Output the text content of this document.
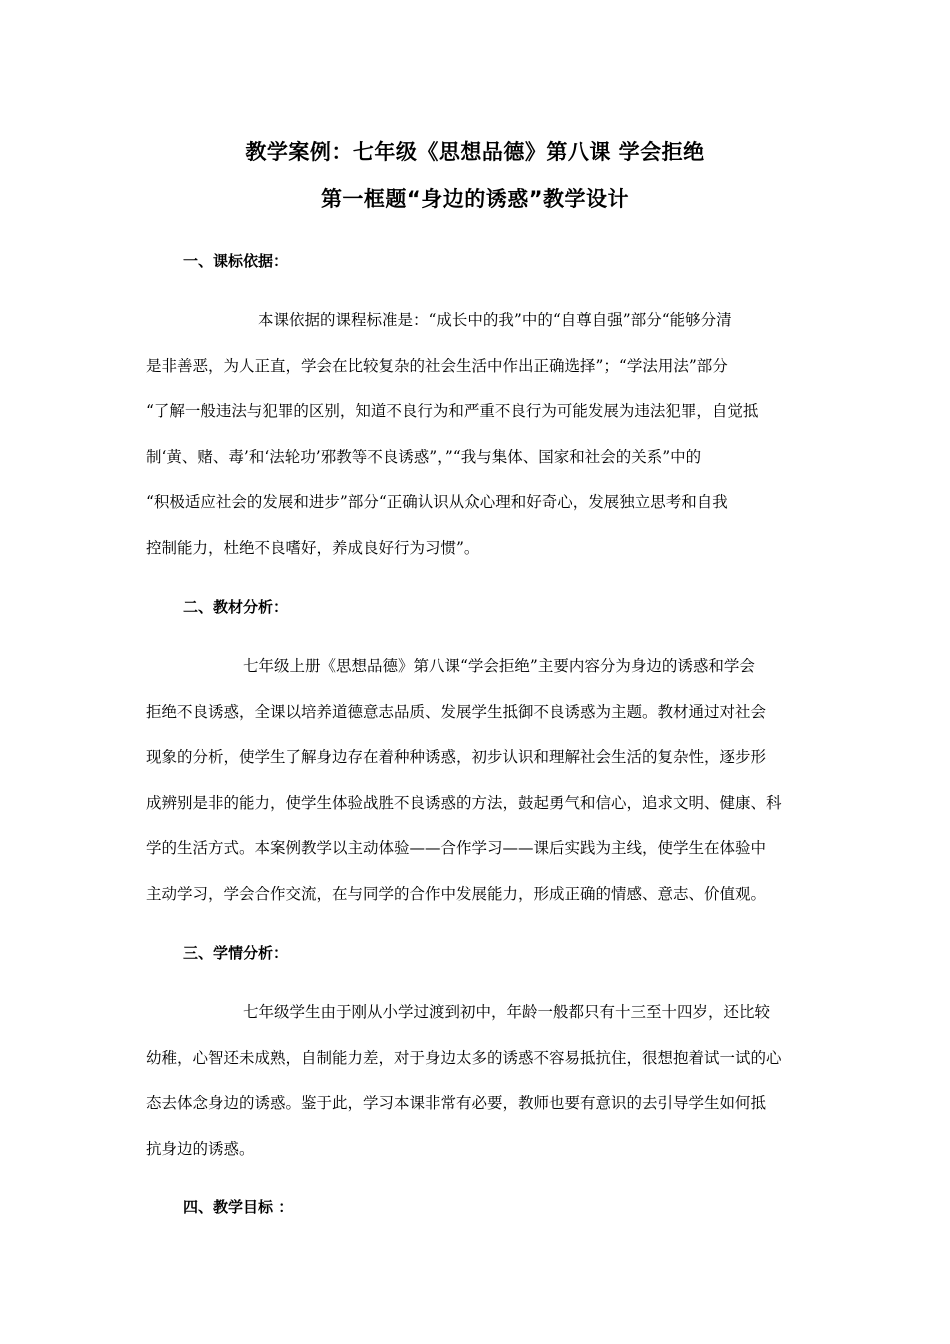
教学案例：七年级《思想品德》第八课 学会拒绝
第一框题“身边的诱惑”教学设计
一、课标依据：
本课依据的课程标准是：“成长中的我”中的“自尊自强”部分“能够分清
是非善恶，为人正直，学会在比较复杂的社会生活中作出正确选择”；“学法用法”部分
“了解一般违法与犯罪的区别，知道不良行为和严重不良行为可能发展为违法犯罪，自觉抵
制‘黄、赌、毒’和‘法轮功’邪教等不良诱惑”，”“我与集体、国家和社会的关系”中的
“积极适应社会的发展和进步”部分“正确认识从众心理和好奇心，发展独立思考和自我
控制能力，杜绝不良嗜好，养成良好行为习惯”。
二、教材分析：
七年级上册《思想品德》第八课“学会拒绝”主要内容分为身边的诱惑和学会
拒绝不良诱惑，全课以培养道德意志品质、发展学生抵御不良诱惑为主题。教材通过对社会
现象的分析，使学生了解身边存在着种种诱惑，初步认识和理解社会生活的复杂性，逐步形
成辨别是非的能力，使学生体验战胜不良诱惑的方法，鼓起勇气和信心，追求文明、健康、科
学的生活方式。本案例教学以主动体验——合作学习——课后实践为主线，使学生在体验中
主动学习，学会合作交流，在与同学的合作中发展能力，形成正确的情感、意志、价值观。
三、学情分析：
七年级学生由于刚从小学过渡到初中，年龄一般都只有十三至十四岁，还比较
幼稚，心智还未成熟，自制能力差，对于身边太多的诱惑不容易抵抗住，很想抱着试一试的心
态去体念身边的诱惑。鉴于此，学习本课非常有必要，教师也要有意识的去引导学生如何抵
抗身边的诱惑。
四、教学目标 ：
